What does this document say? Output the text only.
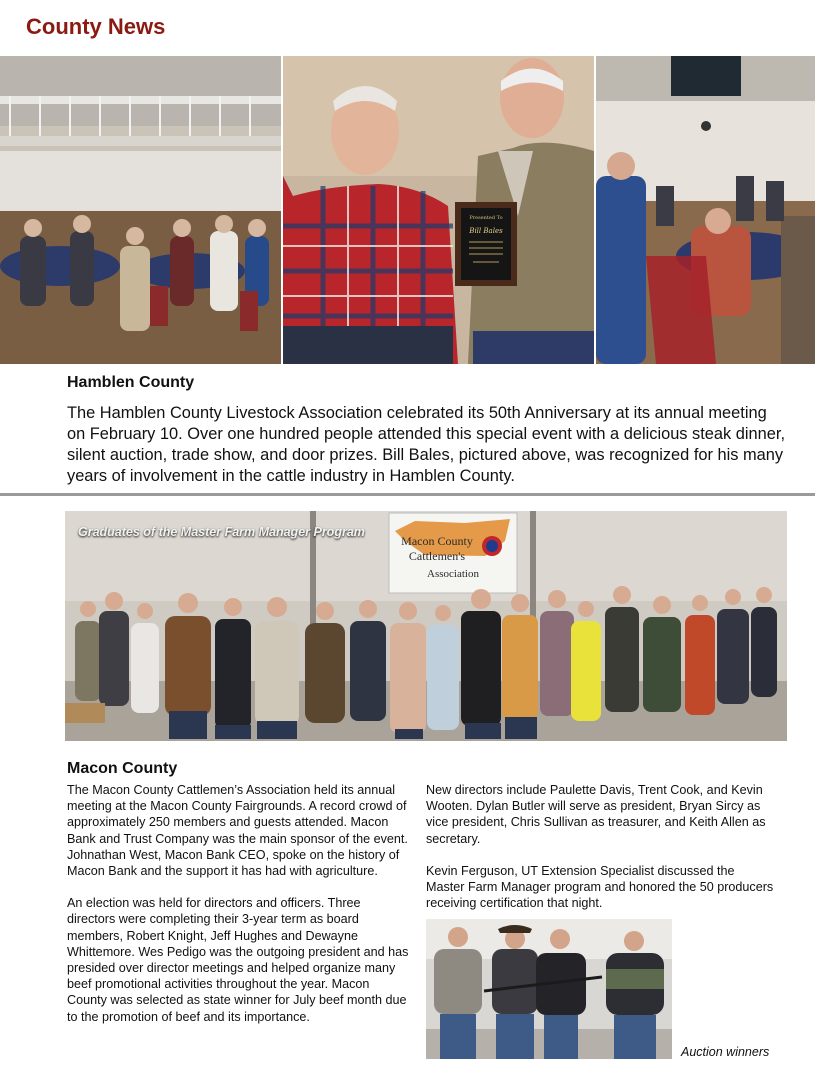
County News
Presented To
Bill Bales
Hamblen County
The Hamblen County Livestock Association celebrated its 50th Anniversary at its annual meeting on February 10. Over one hundred people attended this special event with a delicious steak dinner, silent auction, trade show, and door prizes. Bill Bales, pictured above, was recognized for his many years of involvement in the cattle industry in Hamblen County.
Macon County
Cattlemen's
Association
Graduates of the Master Farm Manager Program
Macon County

The Macon County Cattlemen’s Association held its annual meeting at the Macon County Fairgrounds. A record crowd of approximately 250 members and guests attended. Macon Bank and Trust Company was the main sponsor of the event. Johnathan West, Macon Bank CEO, spoke on the history of Macon Bank and the support it has had with agriculture.

An election was held for directors and officers. Three directors were completing their 3-year term as board members, Robert Knight, Jeff Hughes and Dewayne Whittemore. Wes Pedigo was the outgoing president and has presided over director meetings and helped organize many beef promotional activities throughout the year. Macon County was selected as state winner for July beef month due to the promotion of beef and its importance.

New directors include Paulette Davis, Trent Cook, and Kevin Wooten. Dylan Butler will serve as president, Bryan Sircy as vice president, Chris Sullivan as treasurer, and Keith Allen as secretary.

Kevin Ferguson, UT Extension Specialist discussed the Master Farm Manager program and honored the 50 producers receiving certification that night.

Auction winners
